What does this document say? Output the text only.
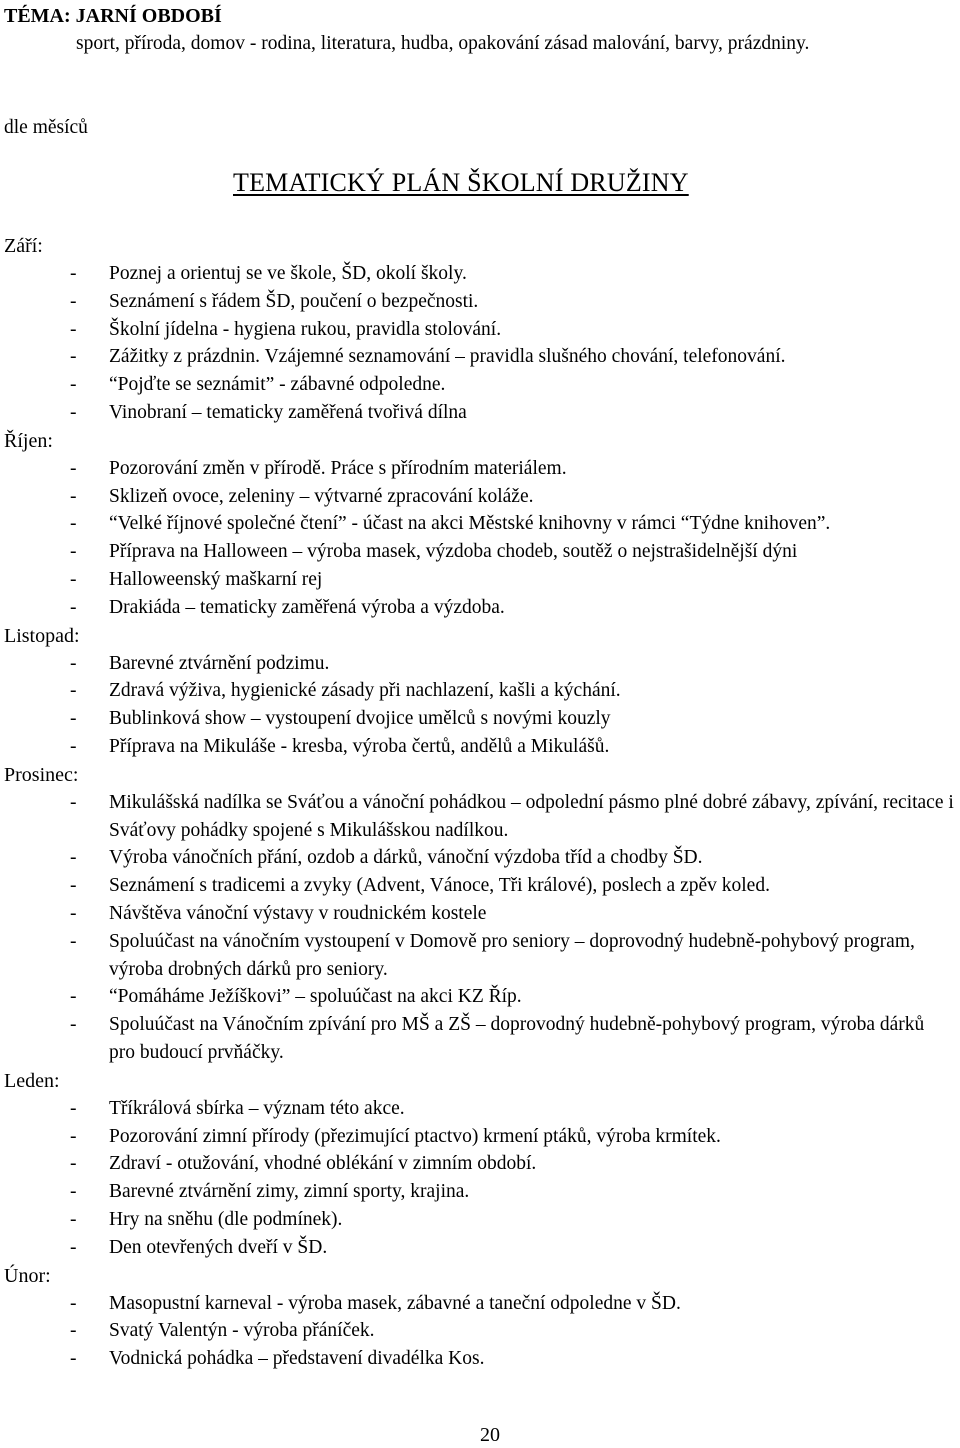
TÉMA: JARNÍ OBDOBÍ
sport, příroda, domov - rodina, literatura, hudba, opakování zásad malování, barvy, prázdniny.
dle měsíců
TEMATICKÝ PLÁN ŠKOLNÍ DRUŽINY
Září:
- Poznej a orientuj se ve škole, ŠD, okolí školy.
- Seznámení s řádem ŠD, poučení o bezpečnosti.
- Školní jídelna - hygiena rukou, pravidla stolování.
- Zážitky z prázdnin. Vzájemné seznamování – pravidla slušného chování, telefonování.
- “Pojďte se seznámit” - zábavné odpoledne.
- Vinobraní – tematicky zaměřená tvořivá dílna
Říjen:
- Pozorování změn v přírodě. Práce s přírodním materiálem.
- Sklizeň ovoce, zeleniny – výtvarné zpracování koláže.
- “Velké říjnové společné čtení” - účast na akci Městské knihovny v rámci “Týdne knihoven”.
- Příprava na Halloween – výroba masek, výzdoba chodeb, soutěž o nejstrašidelnější dýni
- Halloweenský maškarní rej
- Drakiáda – tematicky zaměřená výroba a výzdoba.
Listopad:
- Barevné ztvárnění podzimu.
- Zdravá výživa, hygienické zásady při nachlazení, kašli a kýchání.
- Bublinková show – vystoupení dvojice umělců s novými kouzly
- Příprava na Mikuláše - kresba, výroba čertů, andělů a Mikulášů.
Prosinec:
- Mikulášská nadílka se Sváťou a vánoční pohádkou – odpolední pásmo plné dobré zábavy, zpívání, recitace i Sváťovy pohádky spojené s Mikulášskou nadílkou.
- Výroba vánočních přání, ozdob a dárků, vánoční výzdoba tříd a chodby ŠD.
- Seznámení s tradicemi a zvyky (Advent, Vánoce, Tři králové), poslech a zpěv koled.
- Návštěva vánoční výstavy v roudnickém kostele
- Spoluúčast na vánočním vystoupení v Domově pro seniory – doprovodný hudebně-pohybový program, výroba drobných dárků pro seniory.
- “Pomáháme Ježíškovi” – spoluúčast na akci KZ Říp.
- Spoluúčast na Vánočním zpívání pro MŠ a ZŠ – doprovodný hudebně-pohybový program, výroba dárků pro budoucí prvňáčky.
Leden:
- Tříkrálová sbírka – význam této akce.
- Pozorování zimní přírody (přezimující ptactvo) krmení ptáků, výroba krmítek.
- Zdraví - otužování, vhodné oblékání v zimním období.
- Barevné ztvárnění zimy, zimní sporty, krajina.
- Hry na sněhu (dle podmínek).
- Den otevřených dveří v ŠD.
Únor:
- Masopustní karneval - výroba masek, zábavné a taneční odpoledne v ŠD.
- Svatý Valentýn - výroba přáníček.
- Vodnická pohádka – představení divadélka Kos.
20
